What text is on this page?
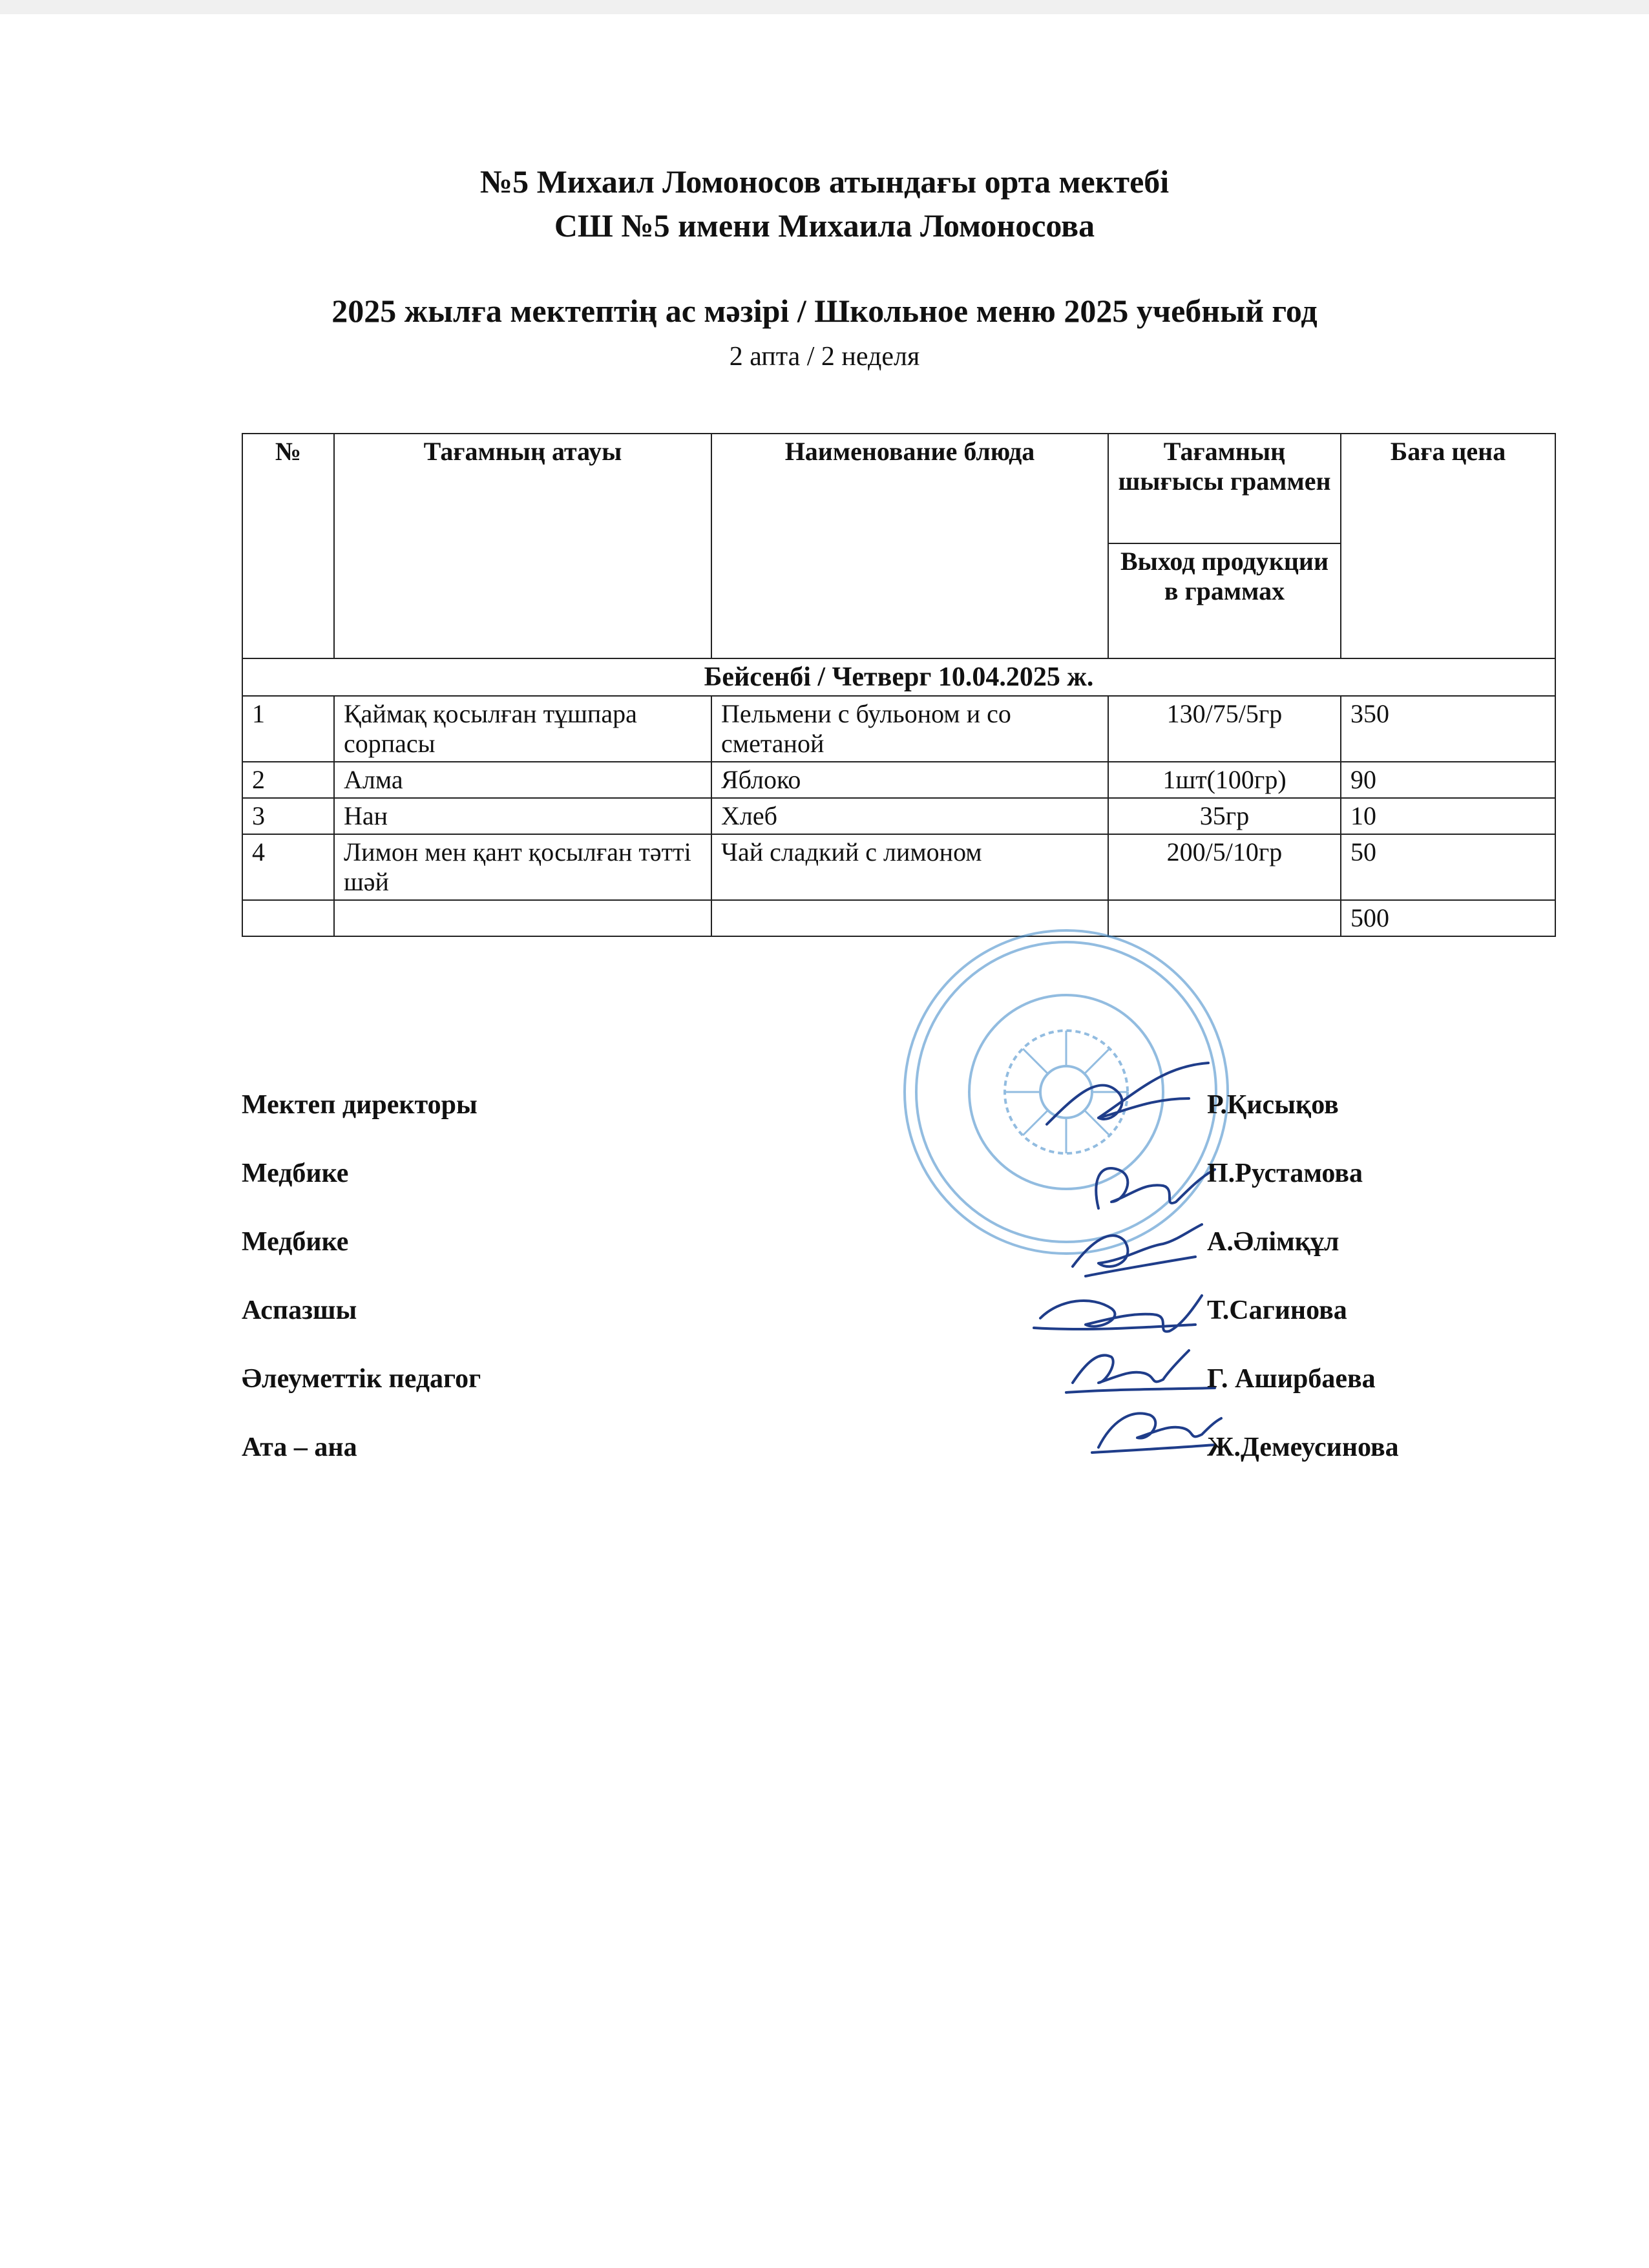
№5 Михаил Ломоносов атындағы орта мектебі
СШ №5 имени Михаила Ломоносова
2025 жылға мектептің ас мәзірі / Школьное меню 2025 учебный год
2 апта / 2 неделя
№	Тағамның атауы	Наименование блюда	Тағамның шығысы граммен	Баға цена
			Выход продукции в граммах	
Бейсенбі / Четверг 10.04.2025 ж.				
1	Қаймақ қосылған тұшпара сорпасы	Пельмени с бульоном и со сметаной	130/75/5гр	350
2	Алма	Яблоко	1шт(100гр)	90
3	Нан	Хлеб	35гр	10
4	Лимон мен қант қосылған тәтті шәй	Чай сладкий с лимоном	200/5/10гр	50
				500
Мектеп директоры	Р.Қисықов
Медбике	П.Рустамова
Медбике	А.Әлімқұл
Аспазшы	Т.Сагинова
Әлеуметтік педагог	Г. Аширбаева
Ата – ана	Ж.Демеусинова
